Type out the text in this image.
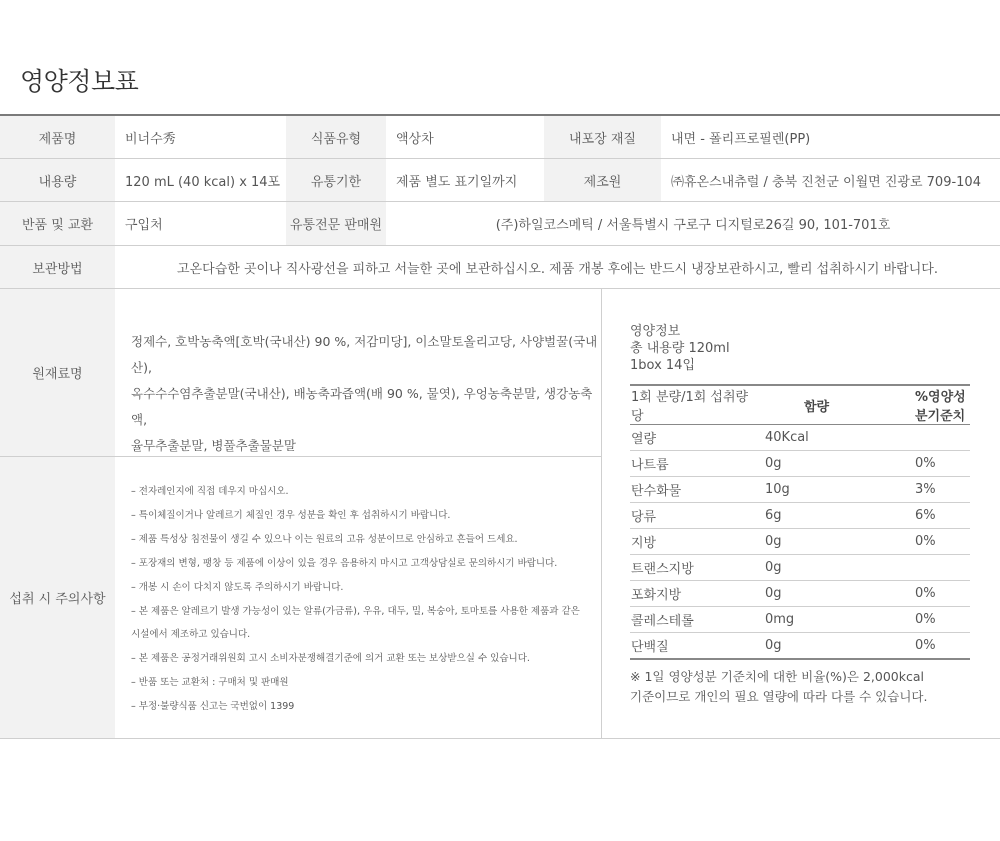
영양정보표
제품명	비너수秀	식품유형	액상차	내포장 재질	내면 - 폴리프로필렌(PP)
내용량	120 mL (40 kcal) x 14포	유통기한	제품 별도 표기일까지	제조원	㈜휴온스내츄럴 / 충북 진천군 이월면 진광로 709-104
반품 및 교환	구입처	유통전문 판매원	(주)하일코스메틱 / 서울특별시 구로구 디지털로26길 90, 101-701호
보관방법	고온다습한 곳이나 직사광선을 피하고 서늘한 곳에 보관하십시오. 제품 개봉 후에는 반드시 냉장보관하시고, 빨리 섭취하시기 바랍니다.
원재료명

정제수, 호박농축액[호박(국내산) 90 %, 저감미당], 이소말토올리고당, 사양벌꿀(국내산),

옥수수수염추출분말(국내산), 배농축과즙액(배 90 %, 물엿), 우엉농축분말, 생강농축액,

율무추출분말, 병풀추출물분말

섭취 시 주의사항

– 전자레인지에 직접 데우지 마십시오.

– 특이체질이거나 알레르기 체질인 경우 성분을 확인 후 섭취하시기 바랍니다.

– 제품 특성상 침전물이 생길 수 있으나 이는 원료의 고유 성분이므로 안심하고 흔들어 드세요.

– 포장재의 변형, 팽창 등 제품에 이상이 있을 경우 음용하지 마시고 고객상담실로 문의하시기 바랍니다.

– 개봉 시 손이 다치지 않도록 주의하시기 바랍니다.

– 본 제품은 알레르기 발생 가능성이 있는 알류(가금류), 우유, 대두, 밀, 복숭아, 토마토를 사용한 제품과 같은

시설에서 제조하고 있습니다.

– 본 제품은 공정거래위원회 고시 소비자분쟁해결기준에 의거 교환 또는 보상받으실 수 있습니다.

– 반품 또는 교환처 : 구매처 및 판매원

– 부정·불량식품 신고는 국번없이 1399

영양정보
총 내용량 120ml
1box 14입
1회 분량/1회 섭취량 당	함량	%영양성분기준치
열량	40Kcal	
나트륨	0g	0%
탄수화물	10g	3%
당류	6g	6%
지방	0g	0%
트랜스지방	0g	
포화지방	0g	0%
콜레스테롤	0mg	0%
단백질	0g	0%

※ 1일 영양성분 기준치에 대한 비율(%)은 2,000kcal

기준이므로 개인의 필요 열량에 따라 다를 수 있습니다.
